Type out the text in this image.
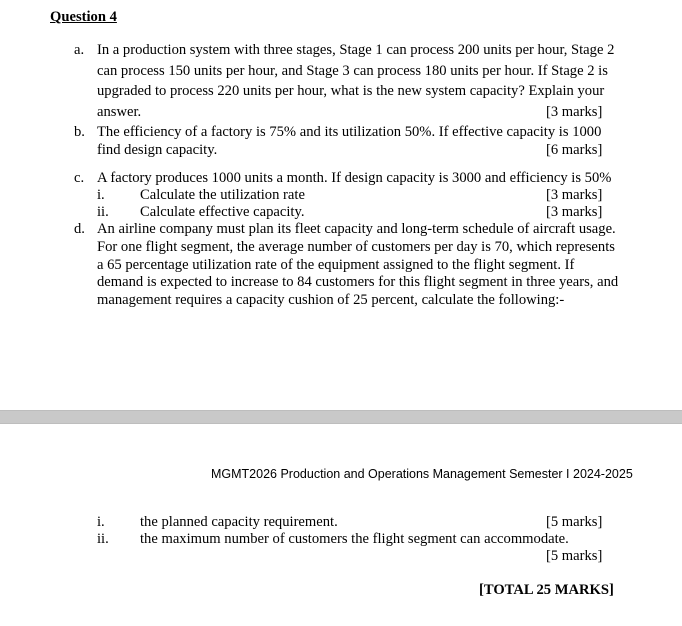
Question 4
a. In a production system with three stages, Stage 1 can process 200 units per hour, Stage 2
can process 150 units per hour, and Stage 3 can process 180 units per hour. If Stage 2 is
upgraded to process 220 units per hour, what is the new system capacity? Explain your
answer.	[3 marks]
b. The efficiency of a factory is 75% and its utilization 50%. If effective capacity is 1000
find design capacity.	[6 marks]
c. A factory produces 1000 units a month. If design capacity is 3000 and efficiency is 50%
i. Calculate the utilization rate	[3 marks]
ii. Calculate effective capacity.	[3 marks]
d. An airline company must plan its fleet capacity and long-term schedule of aircraft usage.
For one flight segment, the average number of customers per day is 70, which represents
a 65 percentage utilization rate of the equipment assigned to the flight segment. If
demand is expected to increase to 84 customers for this flight segment in three years, and
management requires a capacity cushion of 25 percent, calculate the following:-
MGMT2026 Production and Operations Management Semester I 2024-2025
i. the planned capacity requirement.	[5 marks]
ii. the maximum number of customers the flight segment can accommodate.
[5 marks]
[TOTAL 25 MARKS]
